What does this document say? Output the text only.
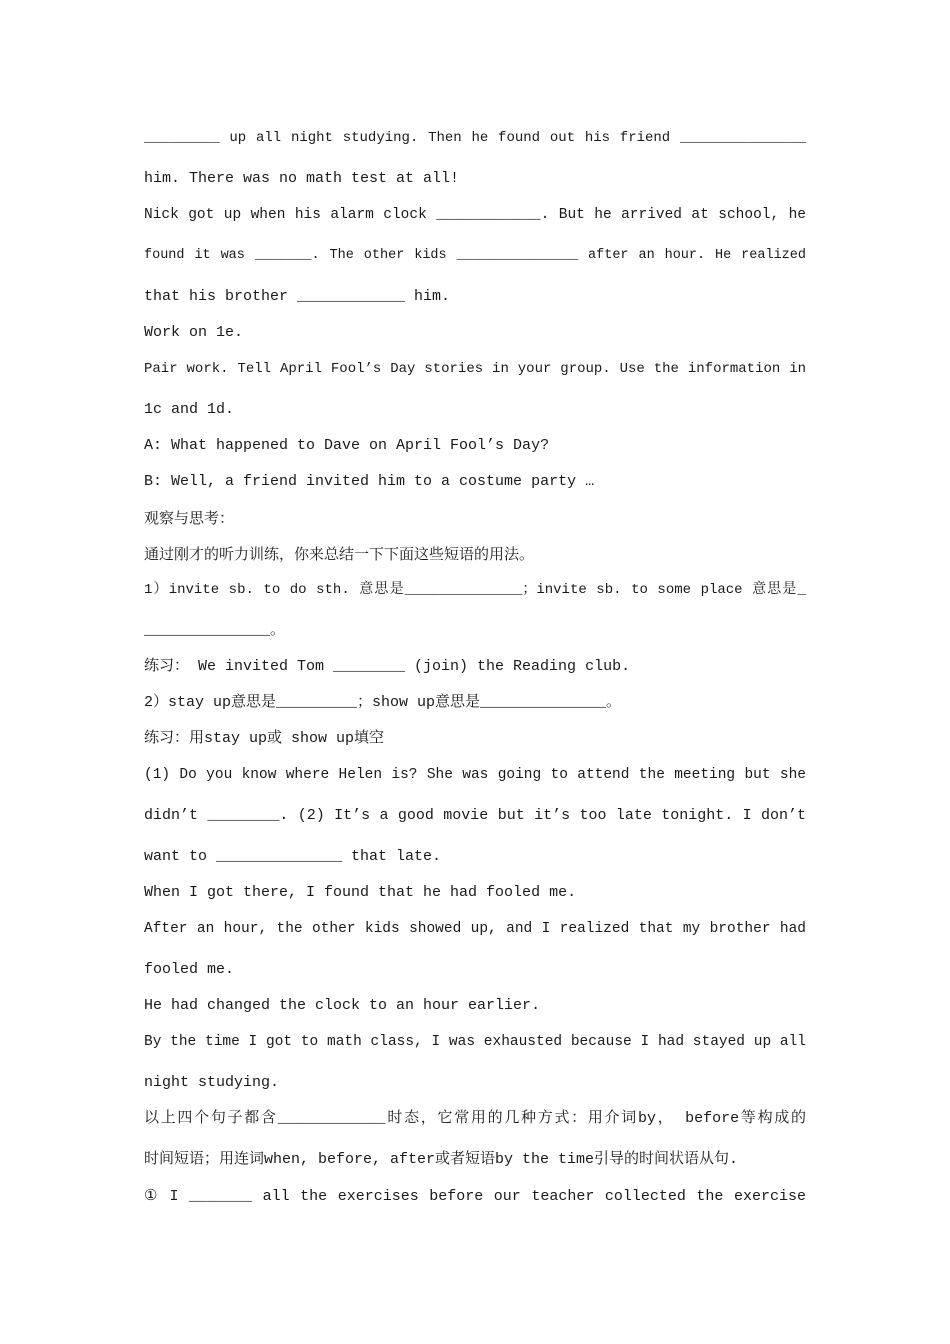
_________ up all night studying. Then he found out his friend _______________

him. There was no math test at all!

Nick got up when his alarm clock ____________. But he arrived at school, he

found it was _______. The other kids _______________ after an hour. He realized

that his brother ____________ him.

Work on 1e.

Pair work. Tell April Fool’s Day stories in your group. Use the information in

1c and 1d.

A: What happened to Dave on April Fool’s Day?

B: Well, a friend invited him to a costume party …

观察与思考：

通过刚才的听力训练，你来总结一下下面这些短语的用法。

1）invite sb. to do sth. 意思是______________；invite sb. to some place 意思是_

______________。

练习： We invited Tom ________ (join) the Reading club.

2）stay up意思是_________；show up意思是______________。

练习：用stay up或 show up填空

(1) Do you know where Helen is? She was going to attend the meeting but she

didn’t ________. (2) It’s a good movie but it’s too late tonight. I don’t

want to ______________ that late.

When I got there, I found that he had fooled me.

After an hour, the other kids showed up, and I realized that my brother had

fooled me.

He had changed the clock to an hour earlier.

By the time I got to math class, I was exhausted because I had stayed up all

night studying.

以上四个句子都含____________时态，它常用的几种方式：用介词by， before等构成的

时间短语；用连词when, before, after或者短语by the time引导的时间状语从句.

① I _______ all the exercises before our teacher collected the exercise
